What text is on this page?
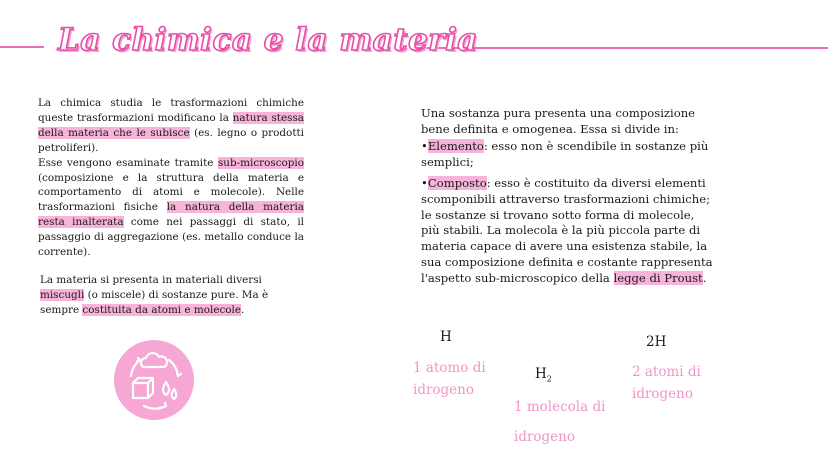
La chimica e la materia

La chimica studia le trasformazioni chimiche queste trasformazioni modificano la natura stessa della materia che le subisce (es. legno o prodotti petroliferi).
Esse vengono esaminate tramite sub-microscopio (composizione e la struttura della materia e comportamento di atomi e molecole). Nelle trasformazioni fisiche la natura della materia resta inalterata come nei passaggi di stato, il passaggio di aggregazione (es. metallo conduce la corrente).

La materia si presenta in materiali diversi miscugli (o miscele) di sostanze pure. Ma è sempre costituita da atomi e molecole.

Una sostanza pura presenta una composizione bene definita e omogenea. Essa si divide in:

•Elemento: esso non è scendibile in sostanze più semplici;

•Composto: esso è costituito da diversi elementi scomponibili attraverso trasformazioni chimiche; le sostanze si trovano sotto forma di molecole, più stabili. La molecola è la più piccola parte di materia capace di avere una esistenza stabile, la sua composizione definita e costante rappresenta l'aspetto sub-microscopico della legge di Proust.

H
1 atomo di
idrogeno
$H_2$
1 molecola di
idrogeno
2H
2 atomi di
idrogeno
